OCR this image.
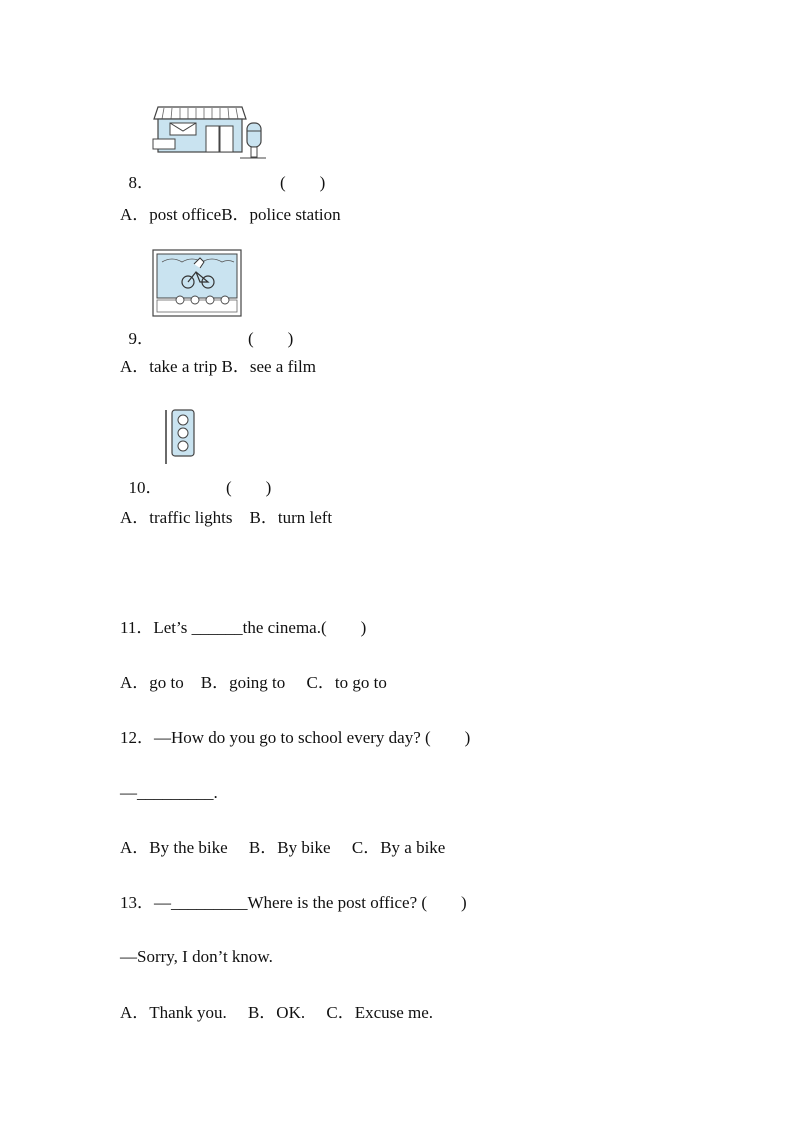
8．	(        )

A．post officeB．police station

9．	(        )

A．take a trip B．see a film

10．	(        )

A．traffic lights    B．turn left
11．Let’s ______the cinema.(        )
A．go to    B．going to     C．to go to
12．—How do you go to school every day? (        )
—_________.
A．By the bike     B．By bike     C．By a bike
13．—_________Where is the post office? (        )
—Sorry, I don’t know.
A．Thank you.     B．OK.     C．Excuse me.
